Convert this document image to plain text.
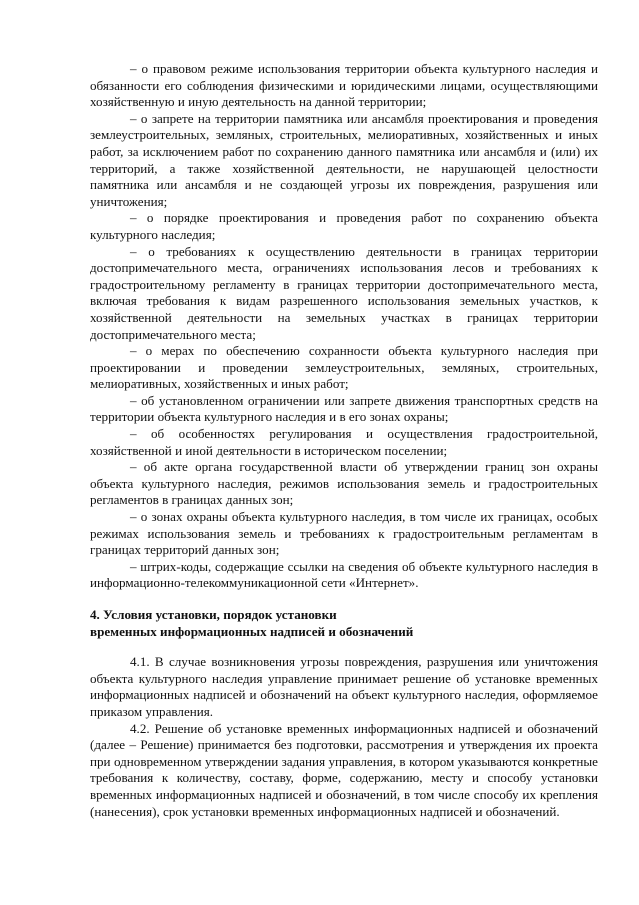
– о правовом режиме использования территории объекта культурного наследия и обязанности его соблюдения физическими и юридическими лицами, осуществляющими хозяйственную и иную деятельность на данной территории;

– о запрете на территории памятника или ансамбля проектирования и проведения землеустроительных, земляных, строительных, мелиоративных, хозяйственных и иных работ, за исключением работ по сохранению данного памятника или ансамбля и (или) их территорий, а также хозяйственной деятельности, не нарушающей целостности памятника или ансамбля и не создающей угрозы их повреждения, разрушения или уничтожения;

– о порядке проектирования и проведения работ по сохранению объекта культурного наследия;

– о требованиях к осуществлению деятельности в границах территории достопримечательного места, ограничениях использования лесов и требованиях к градостроительному регламенту в границах территории достопримечательного места, включая требования к видам разрешенного использования земельных участков, к хозяйственной деятельности на земельных участках в границах территории достопримечательного места;

– о мерах по обеспечению сохранности объекта культурного наследия при проектировании и проведении землеустроительных, земляных, строительных, мелиоративных, хозяйственных и иных работ;

– об установленном ограничении или запрете движения транспортных средств на территории объекта культурного наследия и в его зонах охраны;

– об особенностях регулирования и осуществления градостроительной, хозяйственной и иной деятельности в историческом поселении;

– об акте органа государственной власти об утверждении границ зон охраны объекта культурного наследия, режимов использования земель и градостроительных регламентов в границах данных зон;

– о зонах охраны объекта культурного наследия, в том числе их границах, особых режимах использования земель и требованиях к градостроительным регламентам в границах территорий данных зон;

– штрих-коды, содержащие ссылки на сведения об объекте культурного наследия в информационно-телекоммуникационной сети «Интернет».

4. Условия установки, порядок установки
временных информационных надписей и обозначений

4.1. В случае возникновения угрозы повреждения, разрушения или уничтожения объекта культурного наследия управление принимает решение об установке временных информационных надписей и обозначений на объект культурного наследия, оформляемое приказом управления.

4.2. Решение об установке временных информационных надписей и обозначений (далее – Решение) принимается без подготовки, рассмотрения и утверждения их проекта при одновременном утверждении задания управления, в котором указываются конкретные требования к количеству, составу, форме, содержанию, месту и способу установки временных информационных надписей и обозначений, в том числе способу их крепления (нанесения), срок установки временных информационных надписей и обозначений.
